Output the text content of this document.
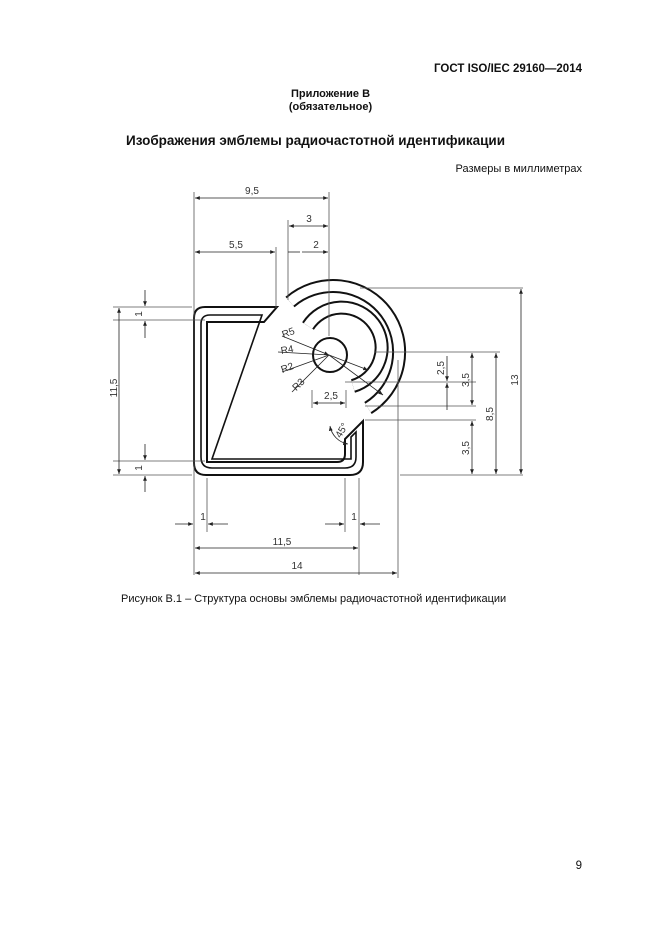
ГОСТ ISO/IEC 29160—2014
Приложение В
(обязательное)
Изображения эмблемы радиочастотной идентификации
Размеры в миллиметрах
9,5
3
5,5	2
1
11,5
1
R5
R4
R2
R3
2,5
45°
2,5
3,5
8,5
13
3,5
1	1
11,5
14
Рисунок В.1 – Структура основы эмблемы радиочастотной идентификации
9
